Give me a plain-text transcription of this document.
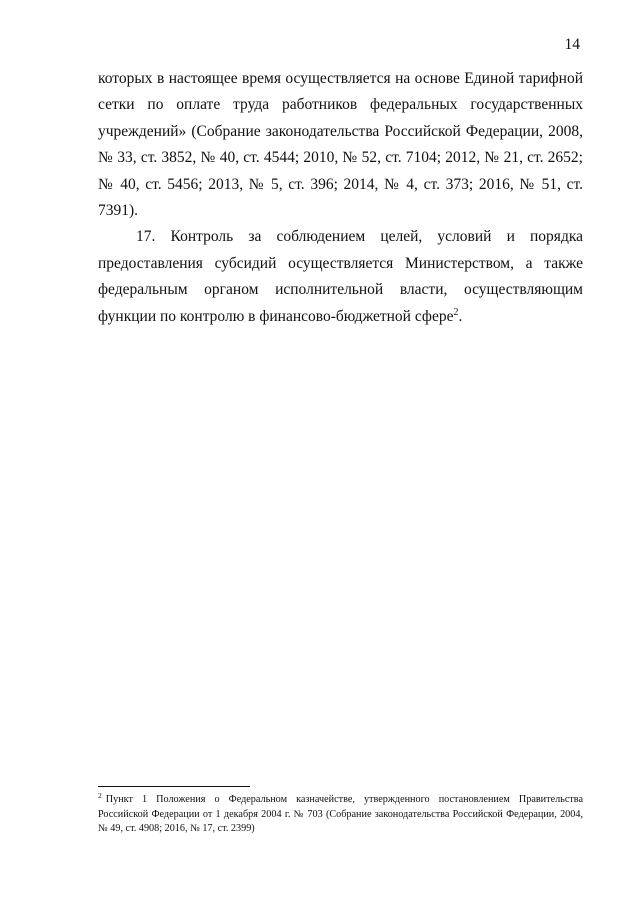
14

которых в настоящее время осуществляется на основе Единой тарифной сетки по оплате труда работников федеральных государственных учреждений» (Собрание законодательства Российской Федерации, 2008, № 33, ст. 3852, № 40, ст. 4544; 2010, № 52, ст. 7104; 2012, № 21, ст. 2652; № 40, ст. 5456; 2013, № 5, ст. 396; 2014, № 4, ст. 373; 2016, № 51, ст. 7391).

17. Контроль за соблюдением целей, условий и порядка предоставления субсидий осуществляется Министерством, а также федеральным органом исполнительной власти, осуществляющим функции по контролю в финансово-бюджетной сфере$^2$.

$^2$ Пункт 1 Положения о Федеральном казначействе, утвержденного постановлением Правительства Российской Федерации от 1 декабря 2004 г. № 703 (Собрание законодательства Российской Федерации, 2004, № 49, ст. 4908; 2016, № 17, ст. 2399)
